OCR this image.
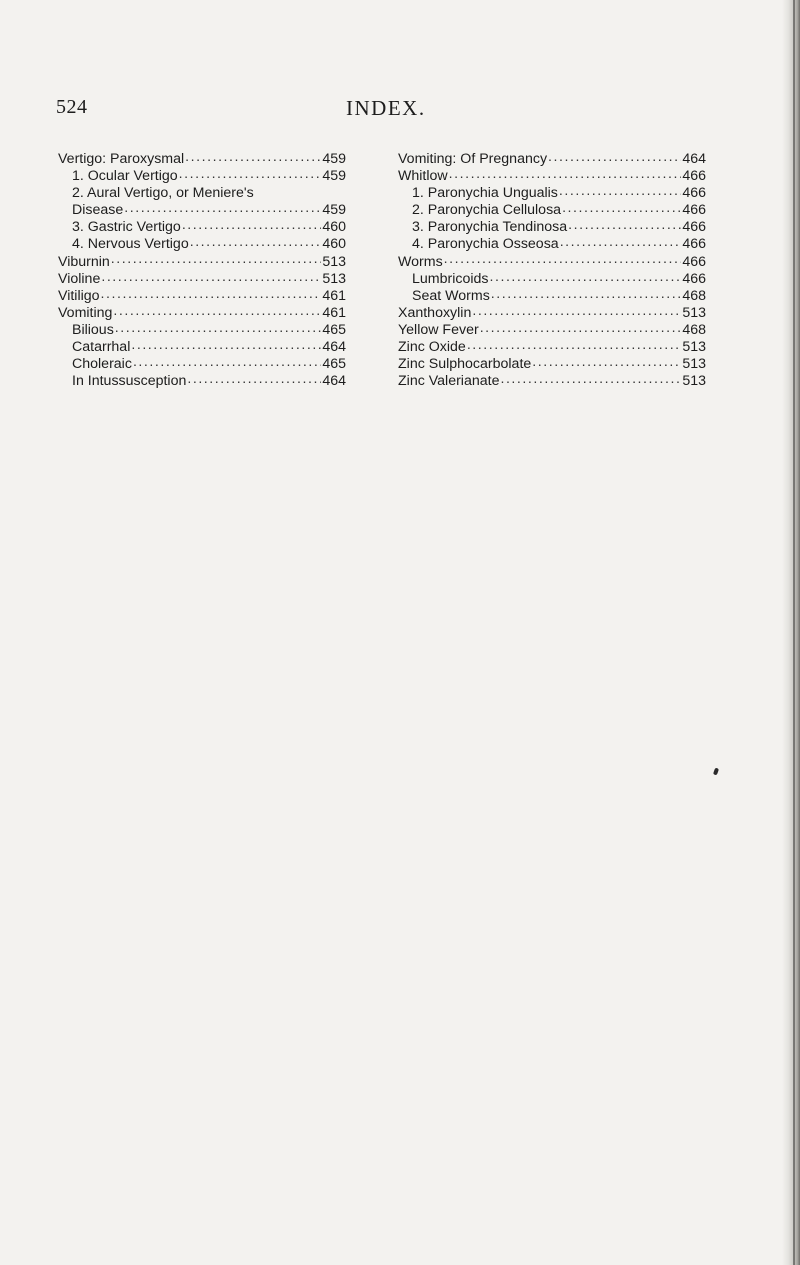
524	INDEX.
Vertigo: Paroxysmal . . .	459
1. Ocular Vertigo . . .	459
2. Aural Vertigo, or Meniere's
Disease . . .	459
3. Gastric Vertigo . . .	460
4. Nervous Vertigo . . .	460
Viburnin . . .	513
Violine . . .	513
Vitiligo . . .	461
Vomiting . . .	461
Bilious . . .	465
Catarrhal . . .	464
Choleraic . . .	465
In Intussusception . . .	464
Vomiting: Of Pregnancy . . .	464
Whitlow . . .	466
1. Paronychia Ungualis . . .	466
2. Paronychia Cellulosa . . .	466
3. Paronychia Tendinosa . . .	466
4. Paronychia Osseosa . . .	466
Worms . . .	466
Lumbricoids . . .	466
Seat Worms . . .	468
Xanthoxylin . . .	513
Yellow Fever . . .	468
Zinc Oxide . . .	513
Zinc Sulphocarbolate . . .	513
Zinc Valerianate . . .	513
